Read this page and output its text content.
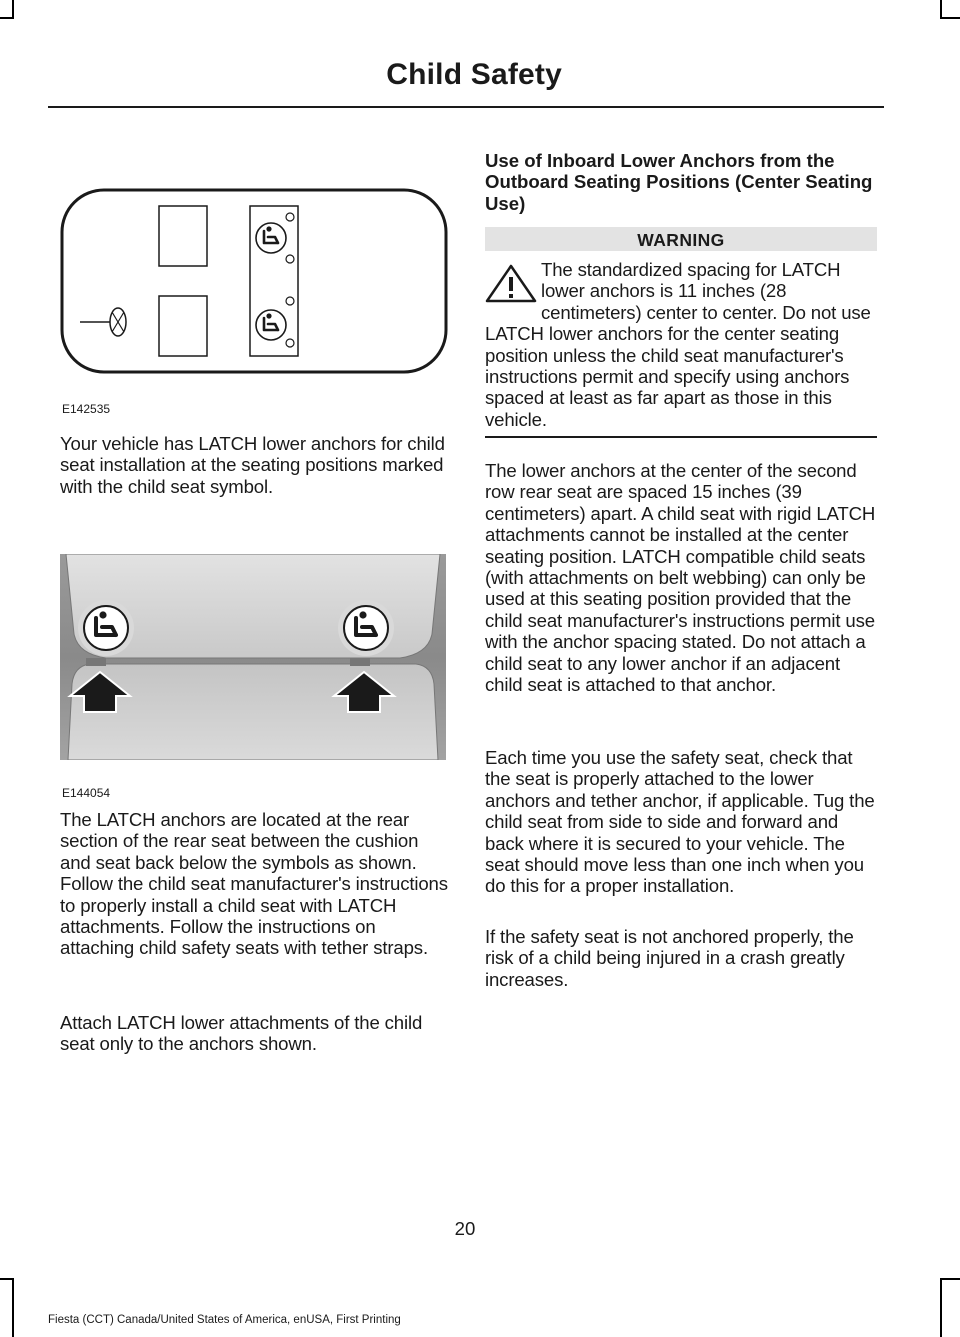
Child Safety
E142535

Your vehicle has LATCH lower anchors for child seat installation at the seating positions marked with the child seat symbol.

E144054

The LATCH anchors are located at the rear section of the rear seat between the cushion and seat back below the symbols as shown. Follow the child seat manufacturer's instructions to properly install a child seat with LATCH attachments. Follow the instructions on attaching child safety seats with tether straps.

Attach LATCH lower attachments of the child seat only to the anchors shown.

Use of Inboard Lower Anchors from the Outboard Seating Positions (Center Seating Use)
WARNING
The standardized spacing for LATCH lower anchors is 11 inches (28 centimeters) center to center. Do not use LATCH lower anchors for the center seating position unless the child seat manufacturer's instructions permit and specify using anchors spaced at least as far apart as those in this vehicle.

The lower anchors at the center of the second row rear seat are spaced 15 inches (39 centimeters) apart. A child seat with rigid LATCH attachments cannot be installed at the center seating position. LATCH compatible child seats (with attachments on belt webbing) can only be used at this seating position provided that the child seat manufacturer's instructions permit use with the anchor spacing stated. Do not attach a child seat to any lower anchor if an adjacent child seat is attached to that anchor.

Each time you use the safety seat, check that the seat is properly attached to the lower anchors and tether anchor, if applicable. Tug the child seat from side to side and forward and back where it is secured to your vehicle. The seat should move less than one inch when you do this for a proper installation.

If the safety seat is not anchored properly, the risk of a child being injured in a crash greatly increases.

20
Fiesta (CCT) Canada/United States of America, enUSA, First Printing
